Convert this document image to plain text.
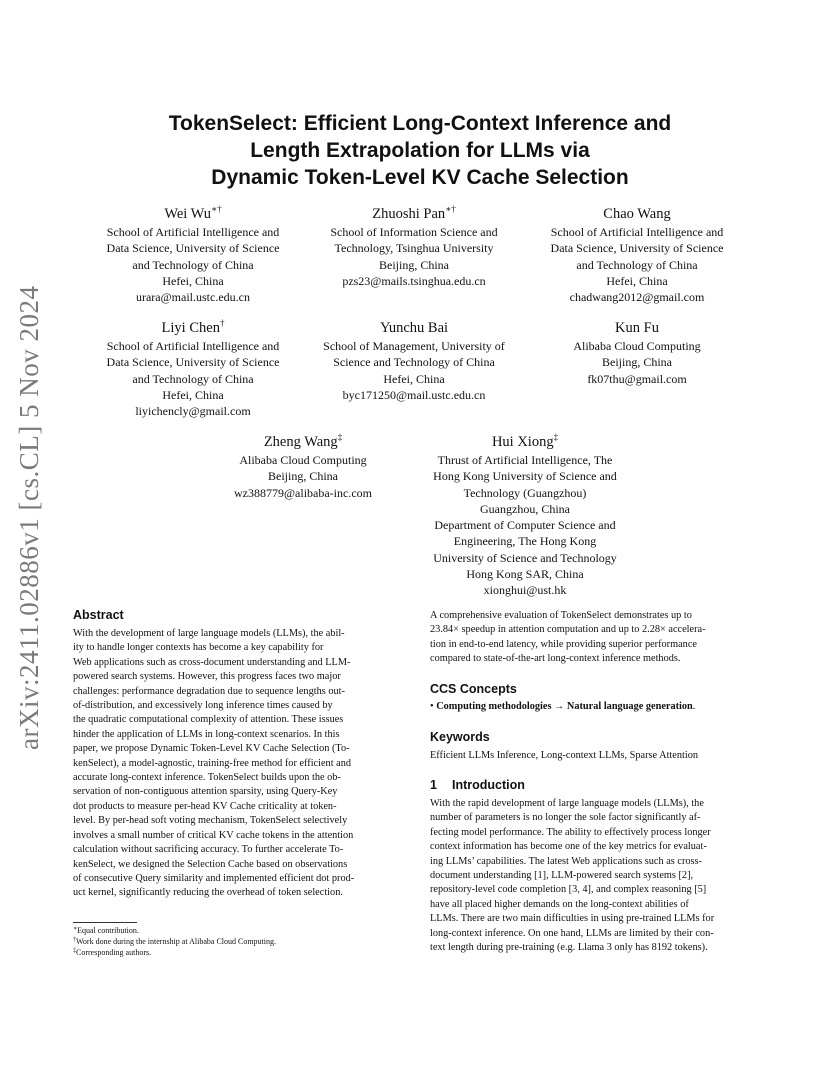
arXiv:2411.02886v1 [cs.CL] 5 Nov 2024
TokenSelect: Efficient Long-Context Inference and
Length Extrapolation for LLMs via
Dynamic Token-Level KV Cache Selection
Wei Wu∗†
School of Artificial Intelligence and
Data Science, University of Science
and Technology of China
Hefei, China
urara@mail.ustc.edu.cn
Zhuoshi Pan∗†
School of Information Science and
Technology, Tsinghua University
Beijing, China
pzs23@mails.tsinghua.edu.cn
Chao Wang
School of Artificial Intelligence and
Data Science, University of Science
and Technology of China
Hefei, China
chadwang2012@gmail.com
Liyi Chen†
School of Artificial Intelligence and
Data Science, University of Science
and Technology of China
Hefei, China
liyichencly@gmail.com
Yunchu Bai
School of Management, University of
Science and Technology of China
Hefei, China
byc171250@mail.ustc.edu.cn
Kun Fu
Alibaba Cloud Computing
Beijing, China
fk07thu@gmail.com
Zheng Wang‡
Alibaba Cloud Computing
Beijing, China
wz388779@alibaba-inc.com
Hui Xiong‡
Thrust of Artificial Intelligence, The
Hong Kong University of Science and
Technology (Guangzhou)
Guangzhou, China
Department of Computer Science and
Engineering, The Hong Kong
University of Science and Technology
Hong Kong SAR, China
xionghui@ust.hk
Abstract
With the development of large language models (LLMs), the abil-
ity to handle longer contexts has become a key capability for
Web applications such as cross-document understanding and LLM-
powered search systems. However, this progress faces two major
challenges: performance degradation due to sequence lengths out-
of-distribution, and excessively long inference times caused by
the quadratic computational complexity of attention. These issues
hinder the application of LLMs in long-context scenarios. In this
paper, we propose Dynamic Token-Level KV Cache Selection (To-
kenSelect), a model-agnostic, training-free method for efficient and
accurate long-context inference. TokenSelect builds upon the ob-
servation of non-contiguous attention sparsity, using Query-Key
dot products to measure per-head KV Cache criticality at token-
level. By per-head soft voting mechanism, TokenSelect selectively
involves a small number of critical KV cache tokens in the attention
calculation without sacrificing accuracy. To further accelerate To-
kenSelect, we designed the Selection Cache based on observations
of consecutive Query similarity and implemented efficient dot prod-
uct kernel, significantly reducing the overhead of token selection.
∗Equal contribution.
†Work done during the internship at Alibaba Cloud Computing.
‡Corresponding authors.
A comprehensive evaluation of TokenSelect demonstrates up to
23.84× speedup in attention computation and up to 2.28× accelera-
tion in end-to-end latency, while providing superior performance
compared to state-of-the-art long-context inference methods.
CCS Concepts
• Computing methodologies → Natural language generation.
Keywords
Efficient LLMs Inference, Long-context LLMs, Sparse Attention
1 Introduction
With the rapid development of large language models (LLMs), the
number of parameters is no longer the sole factor significantly af-
fecting model performance. The ability to effectively process longer
context information has become one of the key metrics for evaluat-
ing LLMs’ capabilities. The latest Web applications such as cross-
document understanding [1], LLM-powered search systems [2],
repository-level code completion [3, 4], and complex reasoning [5]
have all placed higher demands on the long-context abilities of
LLMs. There are two main difficulties in using pre-trained LLMs for
long-context inference. On one hand, LLMs are limited by their con-
text length during pre-training (e.g. Llama 3 only has 8192 tokens).
